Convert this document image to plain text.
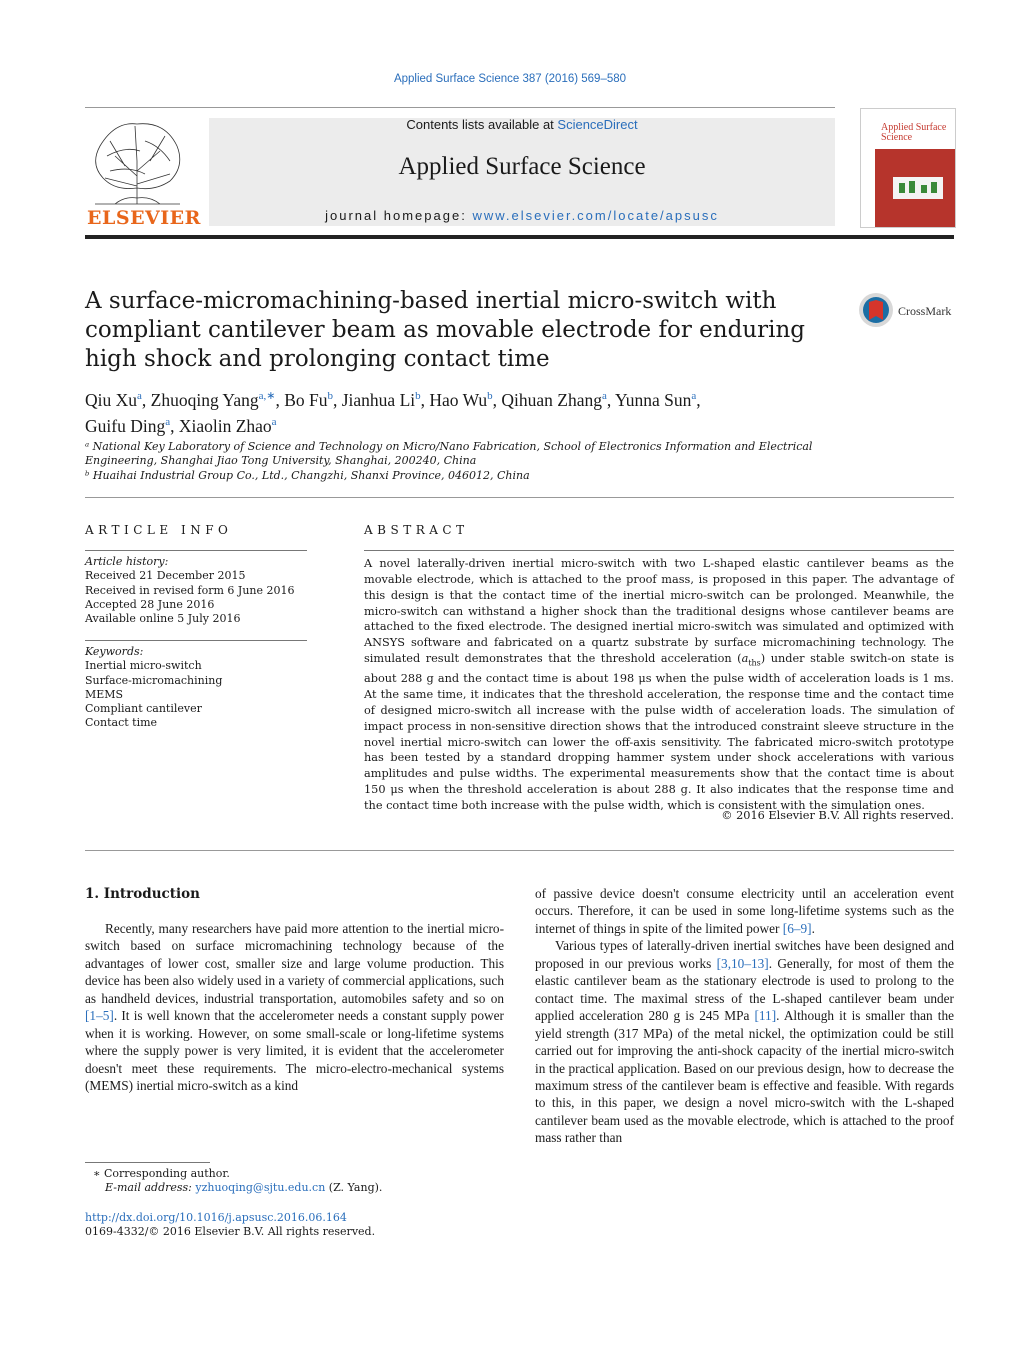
Applied Surface Science 387 (2016) 569–580
ELSEVIER
Contents lists available at ScienceDirect
Applied Surface Science
journal homepage: www.elsevier.com/locate/apsusc
Applied Surface Science
A surface-micromachining-based inertial micro-switch with compliant cantilever beam as movable electrode for enduring high shock and prolonging contact time
CrossMark
Qiu Xu$^a$, Zhuoqing Yang$^{a,∗}$, Bo Fu$^b$, Jianhua Li$^b$, Hao Wu$^b$, Qihuan Zhang$^a$, Yunna Sun$^a$,
Guifu Ding$^a$, Xiaolin Zhao$^a$
ᵃ National Key Laboratory of Science and Technology on Micro/Nano Fabrication, School of Electronics Information and Electrical Engineering, Shanghai Jiao Tong University, Shanghai, 200240, China
ᵇ Huaihai Industrial Group Co., Ltd., Changzhi, Shanxi Province, 046012, China
ARTICLE INFO
Article history:
Received 21 December 2015
Received in revised form 6 June 2016
Accepted 28 June 2016
Available online 5 July 2016
Keywords:
Inertial micro-switch
Surface-micromachining
MEMS
Compliant cantilever
Contact time
ABSTRACT
A novel laterally-driven inertial micro-switch with two L-shaped elastic cantilever beams as the movable electrode, which is attached to the proof mass, is proposed in this paper. The advantage of this design is that the contact time of the inertial micro-switch can be prolonged. Meanwhile, the micro-switch can withstand a higher shock than the traditional designs whose cantilever beams are attached to the fixed electrode. The designed inertial micro-switch was simulated and optimized with ANSYS software and fabricated on a quartz substrate by surface micromachining technology. The simulated result demonstrates that the threshold acceleration $(a_{ths})$ under stable switch-on state is about 288 g and the contact time is about 198 μs when the pulse width of acceleration loads is 1 ms. At the same time, it indicates that the threshold acceleration, the response time and the contact time of designed micro-switch all increase with the pulse width of acceleration loads. The simulation of impact process in non-sensitive direction shows that the introduced constraint sleeve structure in the novel inertial micro-switch can lower the off-axis sensitivity. The fabricated micro-switch prototype has been tested by a standard dropping hammer system under shock accelerations with various amplitudes and pulse widths. The experimental measurements show that the contact time is about 150 μs when the threshold acceleration is about 288 g. It also indicates that the response time and the contact time both increase with the pulse width, which is consistent with the simulation ones.
© 2016 Elsevier B.V. All rights reserved.
1. Introduction

Recently, many researchers have paid more attention to the inertial micro-switch based on surface micromachining technology because of the advantages of lower cost, smaller size and large volume production. This device has been also widely used in a variety of commercial applications, such as handheld devices, industrial transportation, automobiles safety and so on [1–5]. It is well known that the accelerometer needs a constant supply power when it is working. However, on some small-scale or long-lifetime systems where the supply power is very limited, it is evident that the accelerometer doesn't meet these requirements. The micro-electro-mechanical systems (MEMS) inertial micro-switch as a kind

of passive device doesn't consume electricity until an acceleration event occurs. Therefore, it can be used in some long-lifetime systems such as the internet of things in spite of the limited power [6–9].

Various types of laterally-driven inertial switches have been designed and proposed in our previous works [3,10–13]. Generally, for most of them the elastic cantilever beam as the stationary electrode is used to prolong to the contact time. The maximal stress of the L-shaped cantilever beam under applied acceleration 280 g is 245 MPa [11]. Although it is smaller than the yield strength (317 MPa) of the metal nickel, the optimization could be still carried out for improving the anti-shock capacity of the inertial micro-switch in the practical application. Based on our previous design, how to decrease the maximum stress of the cantilever beam is effective and feasible. With regards to this, in this paper, we design a novel micro-switch with the L-shaped cantilever beam used as the movable electrode, which is attached to the proof mass rather than

∗ Corresponding author.
E-mail address: yzhuoqing@sjtu.edu.cn (Z. Yang).
http://dx.doi.org/10.1016/j.apsusc.2016.06.164
0169-4332/© 2016 Elsevier B.V. All rights reserved.
